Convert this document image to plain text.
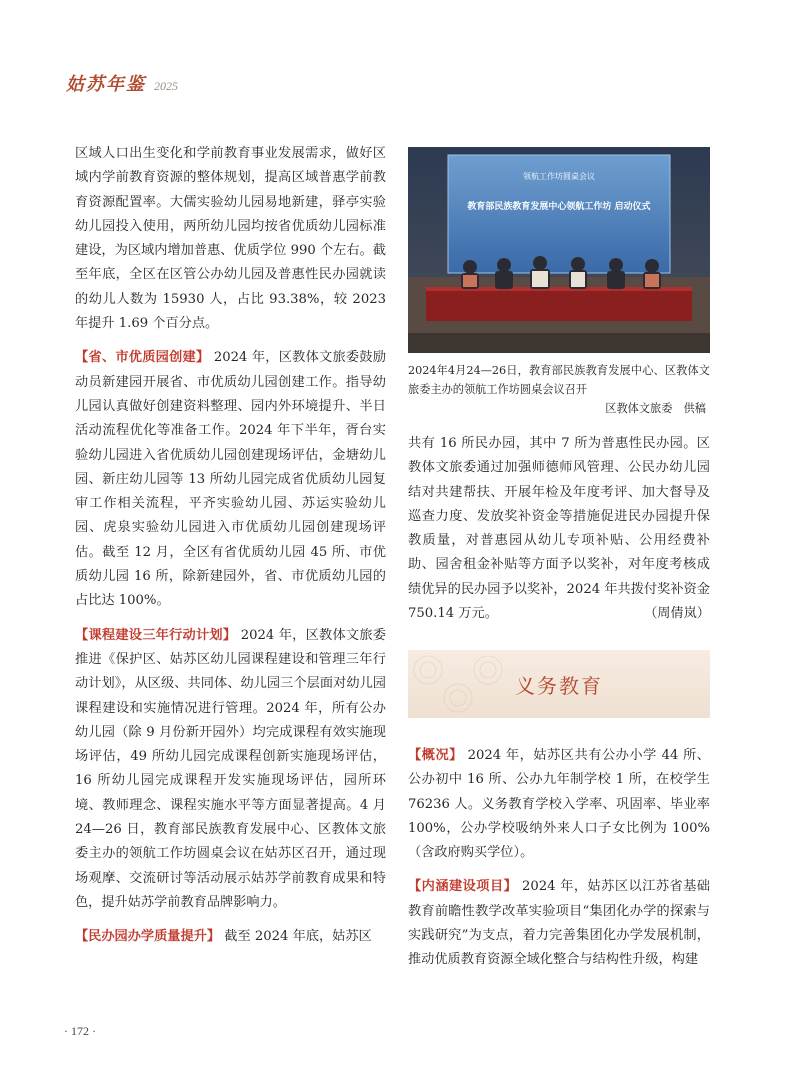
姑苏年鉴 2025

区域人口出生变化和学前教育事业发展需求，做好区域内学前教育资源的整体规划，提高区域普惠学前教育资源配置率。大儒实验幼儿园易地新建，驿亭实验幼儿园投入使用，两所幼儿园均按省优质幼儿园标准建设，为区域内增加普惠、优质学位 990 个左右。截至年底，全区在区管公办幼儿园及普惠性民办园就读的幼儿人数为 15930 人，占比 93.38%，较 2023 年提升 1.69 个百分点。

【省、市优质园创建】 2024 年，区教体文旅委鼓励动员新建园开展省、市优质幼儿园创建工作。指导幼儿园认真做好创建资料整理、园内外环境提升、半日活动流程优化等准备工作。2024 年下半年，胥台实验幼儿园进入省优质幼儿园创建现场评估，金塘幼儿园、新庄幼儿园等 13 所幼儿园完成省优质幼儿园复审工作相关流程，平齐实验幼儿园、苏运实验幼儿园、虎泉实验幼儿园进入市优质幼儿园创建现场评估。截至 12 月，全区有省优质幼儿园 45 所、市优质幼儿园 16 所，除新建园外，省、市优质幼儿园的占比达 100%。

【课程建设三年行动计划】 2024 年，区教体文旅委推进《保护区、姑苏区幼儿园课程建设和管理三年行动计划》，从区级、共同体、幼儿园三个层面对幼儿园课程建设和实施情况进行管理。2024 年，所有公办幼儿园（除 9 月份新开园外）均完成课程有效实施现场评估，49 所幼儿园完成课程创新实施现场评估，16 所幼儿园完成课程开发实施现场评估，园所环境、教师理念、课程实施水平等方面显著提高。4 月 24—26 日，教育部民族教育发展中心、区教体文旅委主办的领航工作坊圆桌会议在姑苏区召开，通过现场观摩、交流研讨等活动展示姑苏学前教育成果和特色，提升姑苏学前教育品牌影响力。

【民办园办学质量提升】 截至 2024 年底，姑苏区

领航工作坊圆桌会议
教育部民族教育发展中心领航工作坊 启动仪式
2024年4月24—26日，教育部民族教育发展中心、区教体文旅委主办的领航工作坊圆桌会议召开
区教体文旅委　供稿

共有 16 所民办园，其中 7 所为普惠性民办园。区教体文旅委通过加强师德师风管理、公民办幼儿园结对共建帮扶、开展年检及年度考评、加大督导及巡查力度、发放奖补资金等措施促进民办园提升保教质量，对普惠园从幼儿专项补贴、公用经费补助、园舍租金补贴等方面予以奖补，对年度考核成绩优异的民办园予以奖补，2024 年共拨付奖补资金 750.14 万元。	（周倩岚）

义务教育

【概况】 2024 年，姑苏区共有公办小学 44 所、公办初中 16 所、公办九年制学校 1 所，在校学生 76236 人。义务教育学校入学率、巩固率、毕业率 100%，公办学校吸纳外来人口子女比例为 100%（含政府购买学位）。

【内涵建设项目】 2024 年，姑苏区以江苏省基础教育前瞻性教学改革实验项目“集团化办学的探索与实践研究”为支点，着力完善集团化办学发展机制，推动优质教育资源全域化整合与结构性升级，构建

· 172 ·
